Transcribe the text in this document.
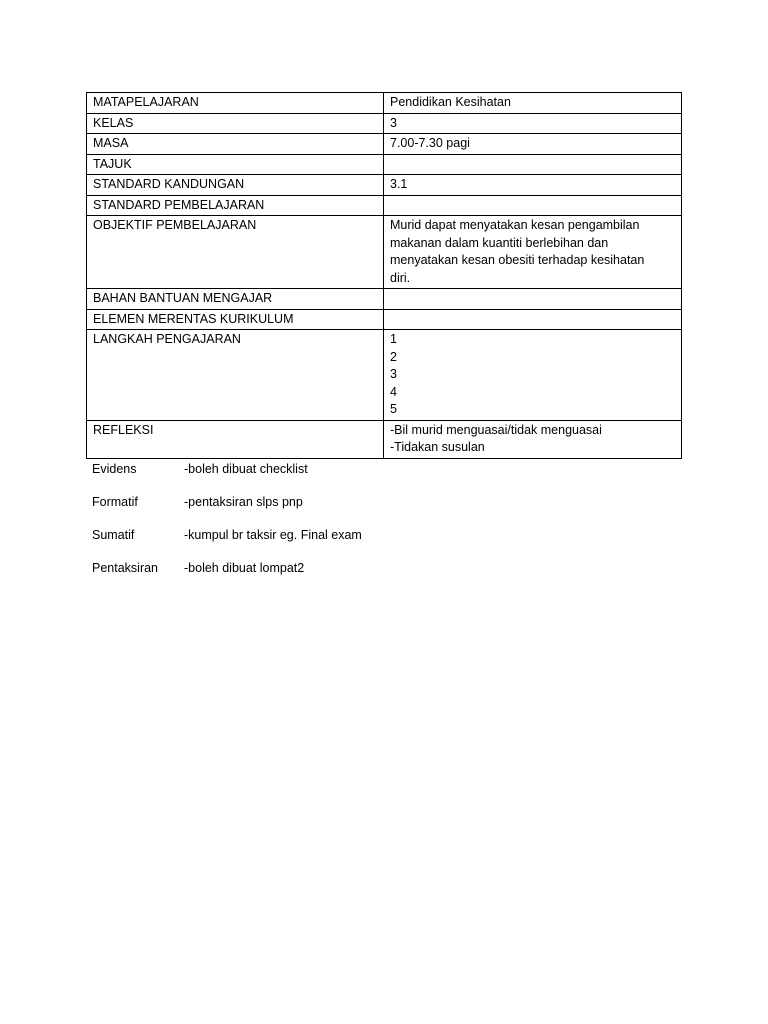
MATAPELAJARAN	Pendidikan Kesihatan
KELAS	3
MASA	7.00-7.30 pagi
TAJUK	
STANDARD KANDUNGAN	3.1
STANDARD PEMBELAJARAN	
OBJEKTIF PEMBELAJARAN	Murid dapat menyatakan kesan pengambilan makanan dalam kuantiti berlebihan dan menyatakan kesan obesiti terhadap kesihatan diri.
BAHAN BANTUAN MENGAJAR	
ELEMEN MERENTAS KURIKULUM	
LANGKAH PENGAJARAN	1
2
3
4
5

REFLEKSI	-Bil murid menguasai/tidak menguasai
-Tidakan susulan
Evidens	-boleh dibuat checklist
Formatif	-pentaksiran slps pnp
Sumatif	-kumpul br taksir eg. Final exam
Pentaksiran	-boleh dibuat lompat2
